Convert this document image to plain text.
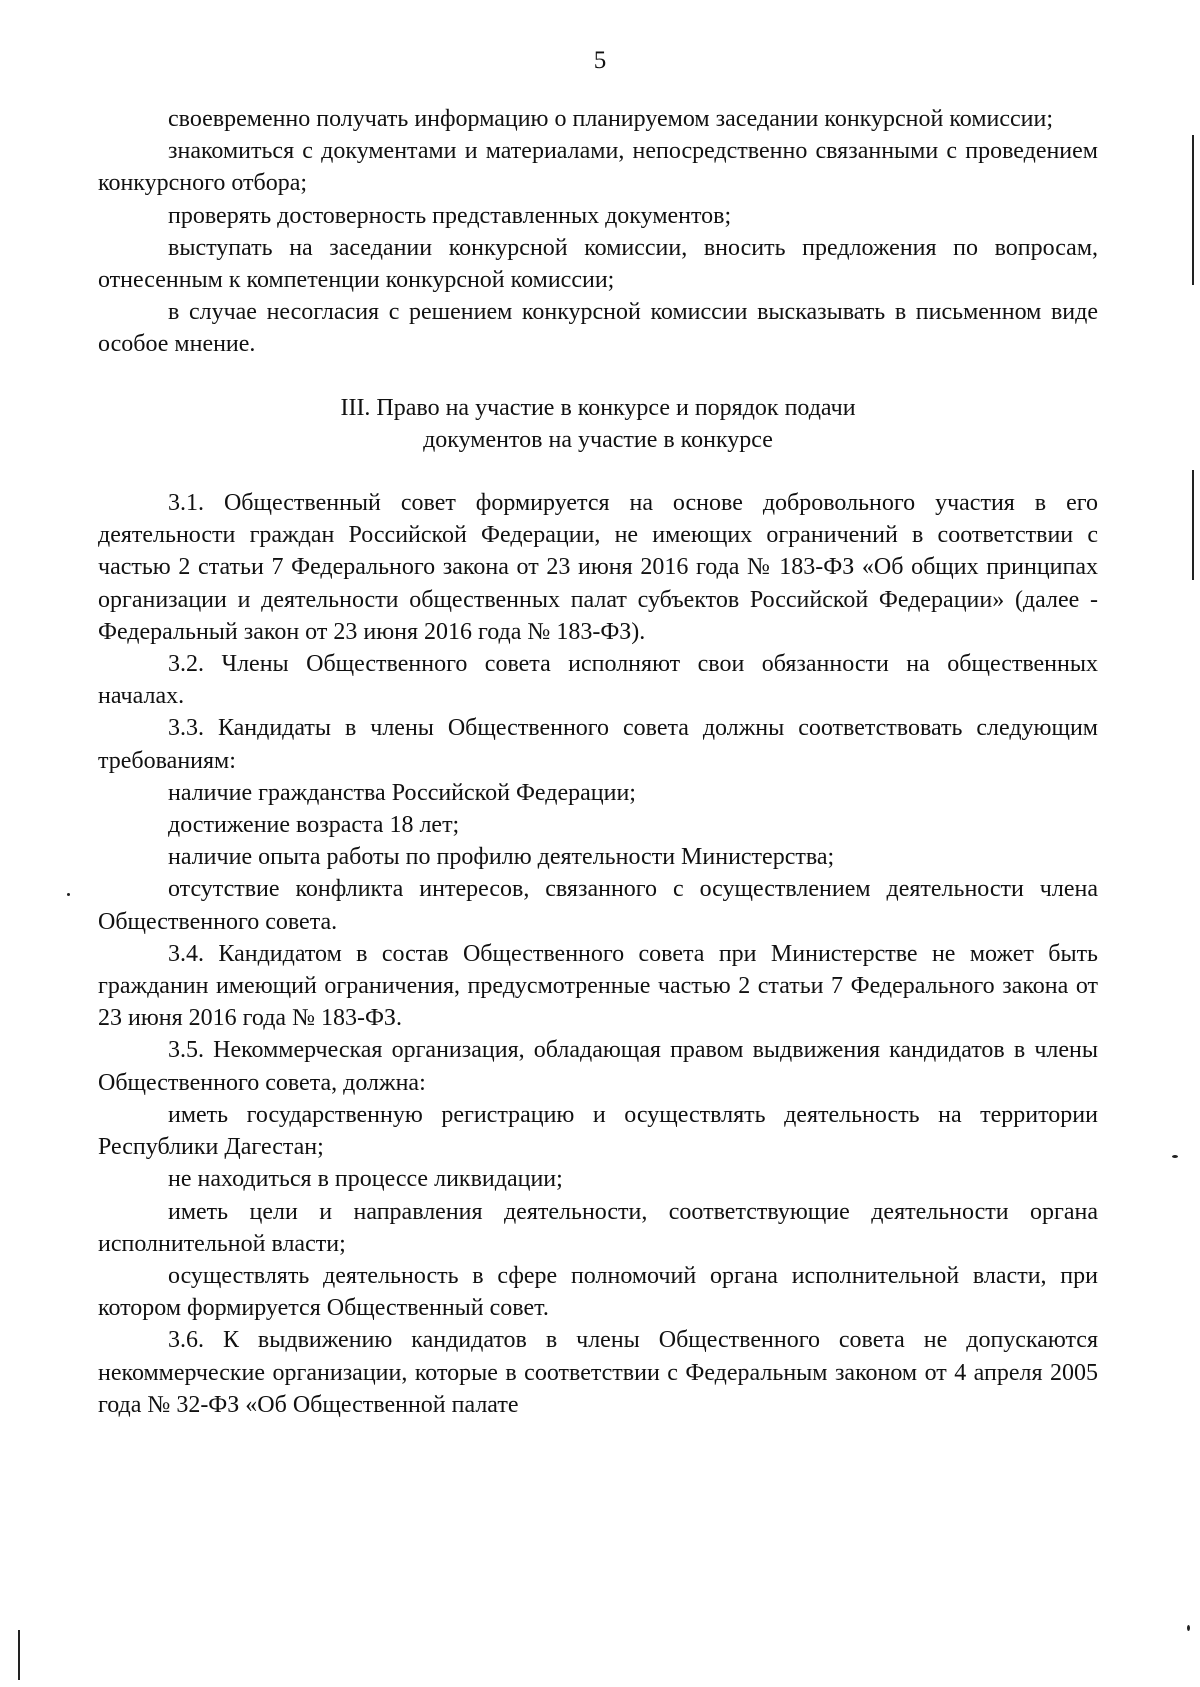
5

своевременно получать информацию о планируемом заседании конкурсной комиссии;

знакомиться с документами и материалами, непосредственно связанными с проведением конкурсного отбора;

проверять достоверность представленных документов;

выступать на заседании конкурсной комиссии, вносить предложения по вопросам, отнесенным к компетенции конкурсной комиссии;

в случае несогласия с решением конкурсной комиссии высказывать в письменном виде особое мнение.

III. Право на участие в конкурсе и порядок подачи
документов на участие в конкурсе

3.1. Общественный совет формируется на основе добровольного участия в его деятельности граждан Российской Федерации, не имеющих ограничений в соответствии с частью 2 статьи 7 Федерального закона от 23 июня 2016 года № 183-ФЗ «Об общих принципах организации и деятельности общественных палат субъектов Российской Федерации» (далее - Федеральный закон от 23 июня 2016 года № 183-ФЗ).

3.2. Члены Общественного совета исполняют свои обязанности на общественных началах.

3.3. Кандидаты в члены Общественного совета должны соответствовать следующим требованиям:

наличие гражданства Российской Федерации;

достижение возраста 18 лет;

наличие опыта работы по профилю деятельности Министерства;

отсутствие конфликта интересов, связанного с осуществлением деятельности члена Общественного совета.

3.4. Кандидатом в состав Общественного совета при Министерстве не может быть гражданин имеющий ограничения, предусмотренные частью 2 статьи 7 Федерального закона от 23 июня 2016 года № 183-ФЗ.

3.5. Некоммерческая организация, обладающая правом выдвижения кандидатов в члены Общественного совета, должна:

иметь государственную регистрацию и осуществлять деятельность на территории Республики Дагестан;

не находиться в процессе ликвидации;

иметь цели и направления деятельности, соответствующие деятельности органа исполнительной власти;

осуществлять деятельность в сфере полномочий органа исполнительной власти, при котором формируется Общественный совет.

3.6. К выдвижению кандидатов в члены Общественного совета не допускаются некоммерческие организации, которые в соответствии с Федеральным законом от 4 апреля 2005 года № 32-ФЗ «Об Общественной палате
